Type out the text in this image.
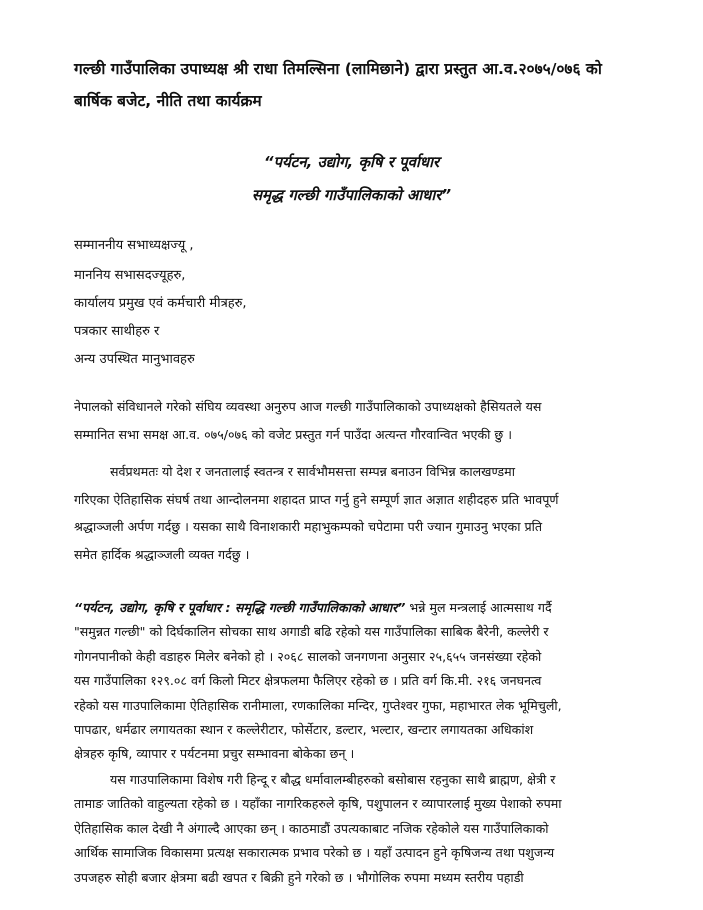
गल्छी गाउँपालिका उपाध्यक्ष श्री राधा तिमल्सिना (लामिछाने) द्वारा प्रस्तुत आ.व.२०७५/०७६ को
बार्षिक बजेट, नीति तथा कार्यक्रम
“पर्यटन, उद्योग, कृषि र पूर्वाधार
समृद्ध गल्छी गाउँपालिकाको आधार”
सम्माननीय सभाध्यक्षज्यू ,
माननिय सभासदज्यूहरु,
कार्यालय प्रमुख एवं कर्मचारी मीत्रहरु,
पत्रकार साथीहरु र
अन्य उपस्थित मानुभावहरु
नेपालको संविधानले गरेको संघिय व्यवस्था अनुरुप आज गल्छी गाउँपालिकाको उपाध्यक्षको हैसियतले यस
सम्मानित सभा समक्ष आ.व. ०७५/०७६ को वजेट प्रस्तुत गर्न पाउँदा अत्यन्त गौरवान्वित भएकी छु ।
सर्वप्रथमतः यो देश र जनतालाई स्वतन्त्र र सार्वभौमसत्ता सम्पन्न बनाउन विभिन्न कालखण्डमा
गरिएका ऐतिहासिक संघर्ष तथा आन्दोलनमा शहादत प्राप्त गर्नु हुने सम्पूर्ण ज्ञात अज्ञात शहीदहरु प्रति भावपूर्ण
श्रद्धाञ्जली अर्पण गर्दछु । यसका साथै विनाशकारी महाभुकम्पको चपेटामा परी ज्यान गुमाउनु भएका प्रति
समेत हार्दिक श्रद्धाञ्जली व्यक्त गर्दछु ।
“पर्यटन, उद्योग, कृषि र पूर्वाधार : समृद्धि गल्छी गाउँपालिकाको आधार” भन्ने मुल मन्त्रलाई आत्मसाथ गर्दै
"समुन्नत गल्छी" को दिर्घकालिन सोचका साथ अगाडी बढि रहेको यस गाउँपालिका साबिक बैरेनी, कल्लेरी र
गोगनपानीको केही वडाहरु मिलेर बनेको हो । २०६८ सालको जनगणना अनुसार २५,६५५ जनसंख्या रहेको
यस गाउँपालिका १२९.०८ वर्ग किलो मिटर क्षेत्रफलमा फैलिएर रहेको छ । प्रति वर्ग कि.मी. २१६ जनघनत्व
रहेको यस गाउपालिकामा ऐतिहासिक रानीमाला, रणकालिका मन्दिर, गुप्तेश्वर गुफा, महाभारत लेक भूमिचुली,
पापढार, धर्मढार लगायतका स्थान र कल्लेरीटार, फोर्सेटार, डल्टार, भल्टार, खन्टार लगायतका अधिकांश
क्षेत्रहरु कृषि, व्यापार र पर्यटनमा प्रचुर सम्भावना बोकेका छन् ।
यस गाउपालिकामा विशेष गरी हिन्दू र बौद्ध धर्मावालम्बीहरुको बसोबास रहनुका साथै ब्राह्मण, क्षेत्री र
तामाङ जातिको वाहुल्यता रहेको छ । यहाँका नागरिकहरुले कृषि, पशुपालन र व्यापारलाई मुख्य पेशाको रुपमा
ऐतिहासिक काल देखी नै अंगाल्दै आएका छन् । काठमाडौं उपत्यकाबाट नजिक रहेकोले यस गाउँपालिकाको
आर्थिक सामाजिक विकासमा प्रत्यक्ष सकारात्मक प्रभाव परेको छ । यहाँ उत्पादन हुने कृषिजन्य तथा पशुजन्य
उपजहरु सोही बजार क्षेत्रमा बढी खपत र बिक्री हुने गरेको छ । भौगोलिक रुपमा मध्यम स्तरीय पहाडी
